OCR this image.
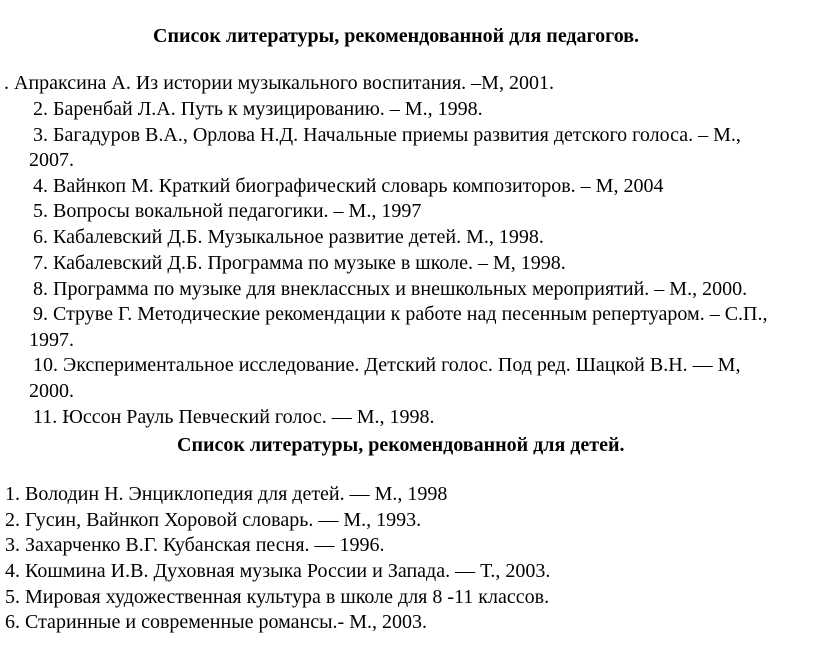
Список литературы, рекомендованной для педагогов.
. Апраксина А. Из истории музыкального воспитания. –М, 2001.
2. Баренбай Л.А. Путь к музицированию. – М., 1998.
3. Багадуров В.А., Орлова Н.Д. Начальные приемы развития детского голоса. – М.,
2007.
4. Вайнкоп М. Краткий биографический словарь композиторов. – М, 2004
5. Вопросы вокальной педагогики. – М., 1997
6. Кабалевский Д.Б. Музыкальное развитие детей. М., 1998.
7. Кабалевский Д.Б. Программа по музыке в школе. – М, 1998.
8. Программа по музыке для внеклассных и внешкольных мероприятий. – М., 2000.
9. Струве Г. Методические рекомендации к работе над песенным репертуаром. – С.П.,
1997.
10. Экспериментальное исследование. Детский голос. Под ред. Шацкой В.Н. — М,
2000.
11. Юссон Рауль Певческий голос. — М., 1998.
Список литературы, рекомендованной для детей.
1. Володин Н. Энциклопедия для детей. — М., 1998
2. Гусин, Вайнкоп Хоровой словарь. — М., 1993.
3. Захарченко В.Г. Кубанская песня. — 1996.
4. Кошмина И.В. Духовная музыка России и Запада. — Т., 2003.
5. Мировая художественная культура в школе для 8 -11 классов.
6. Старинные и современные романсы.- М., 2003.
